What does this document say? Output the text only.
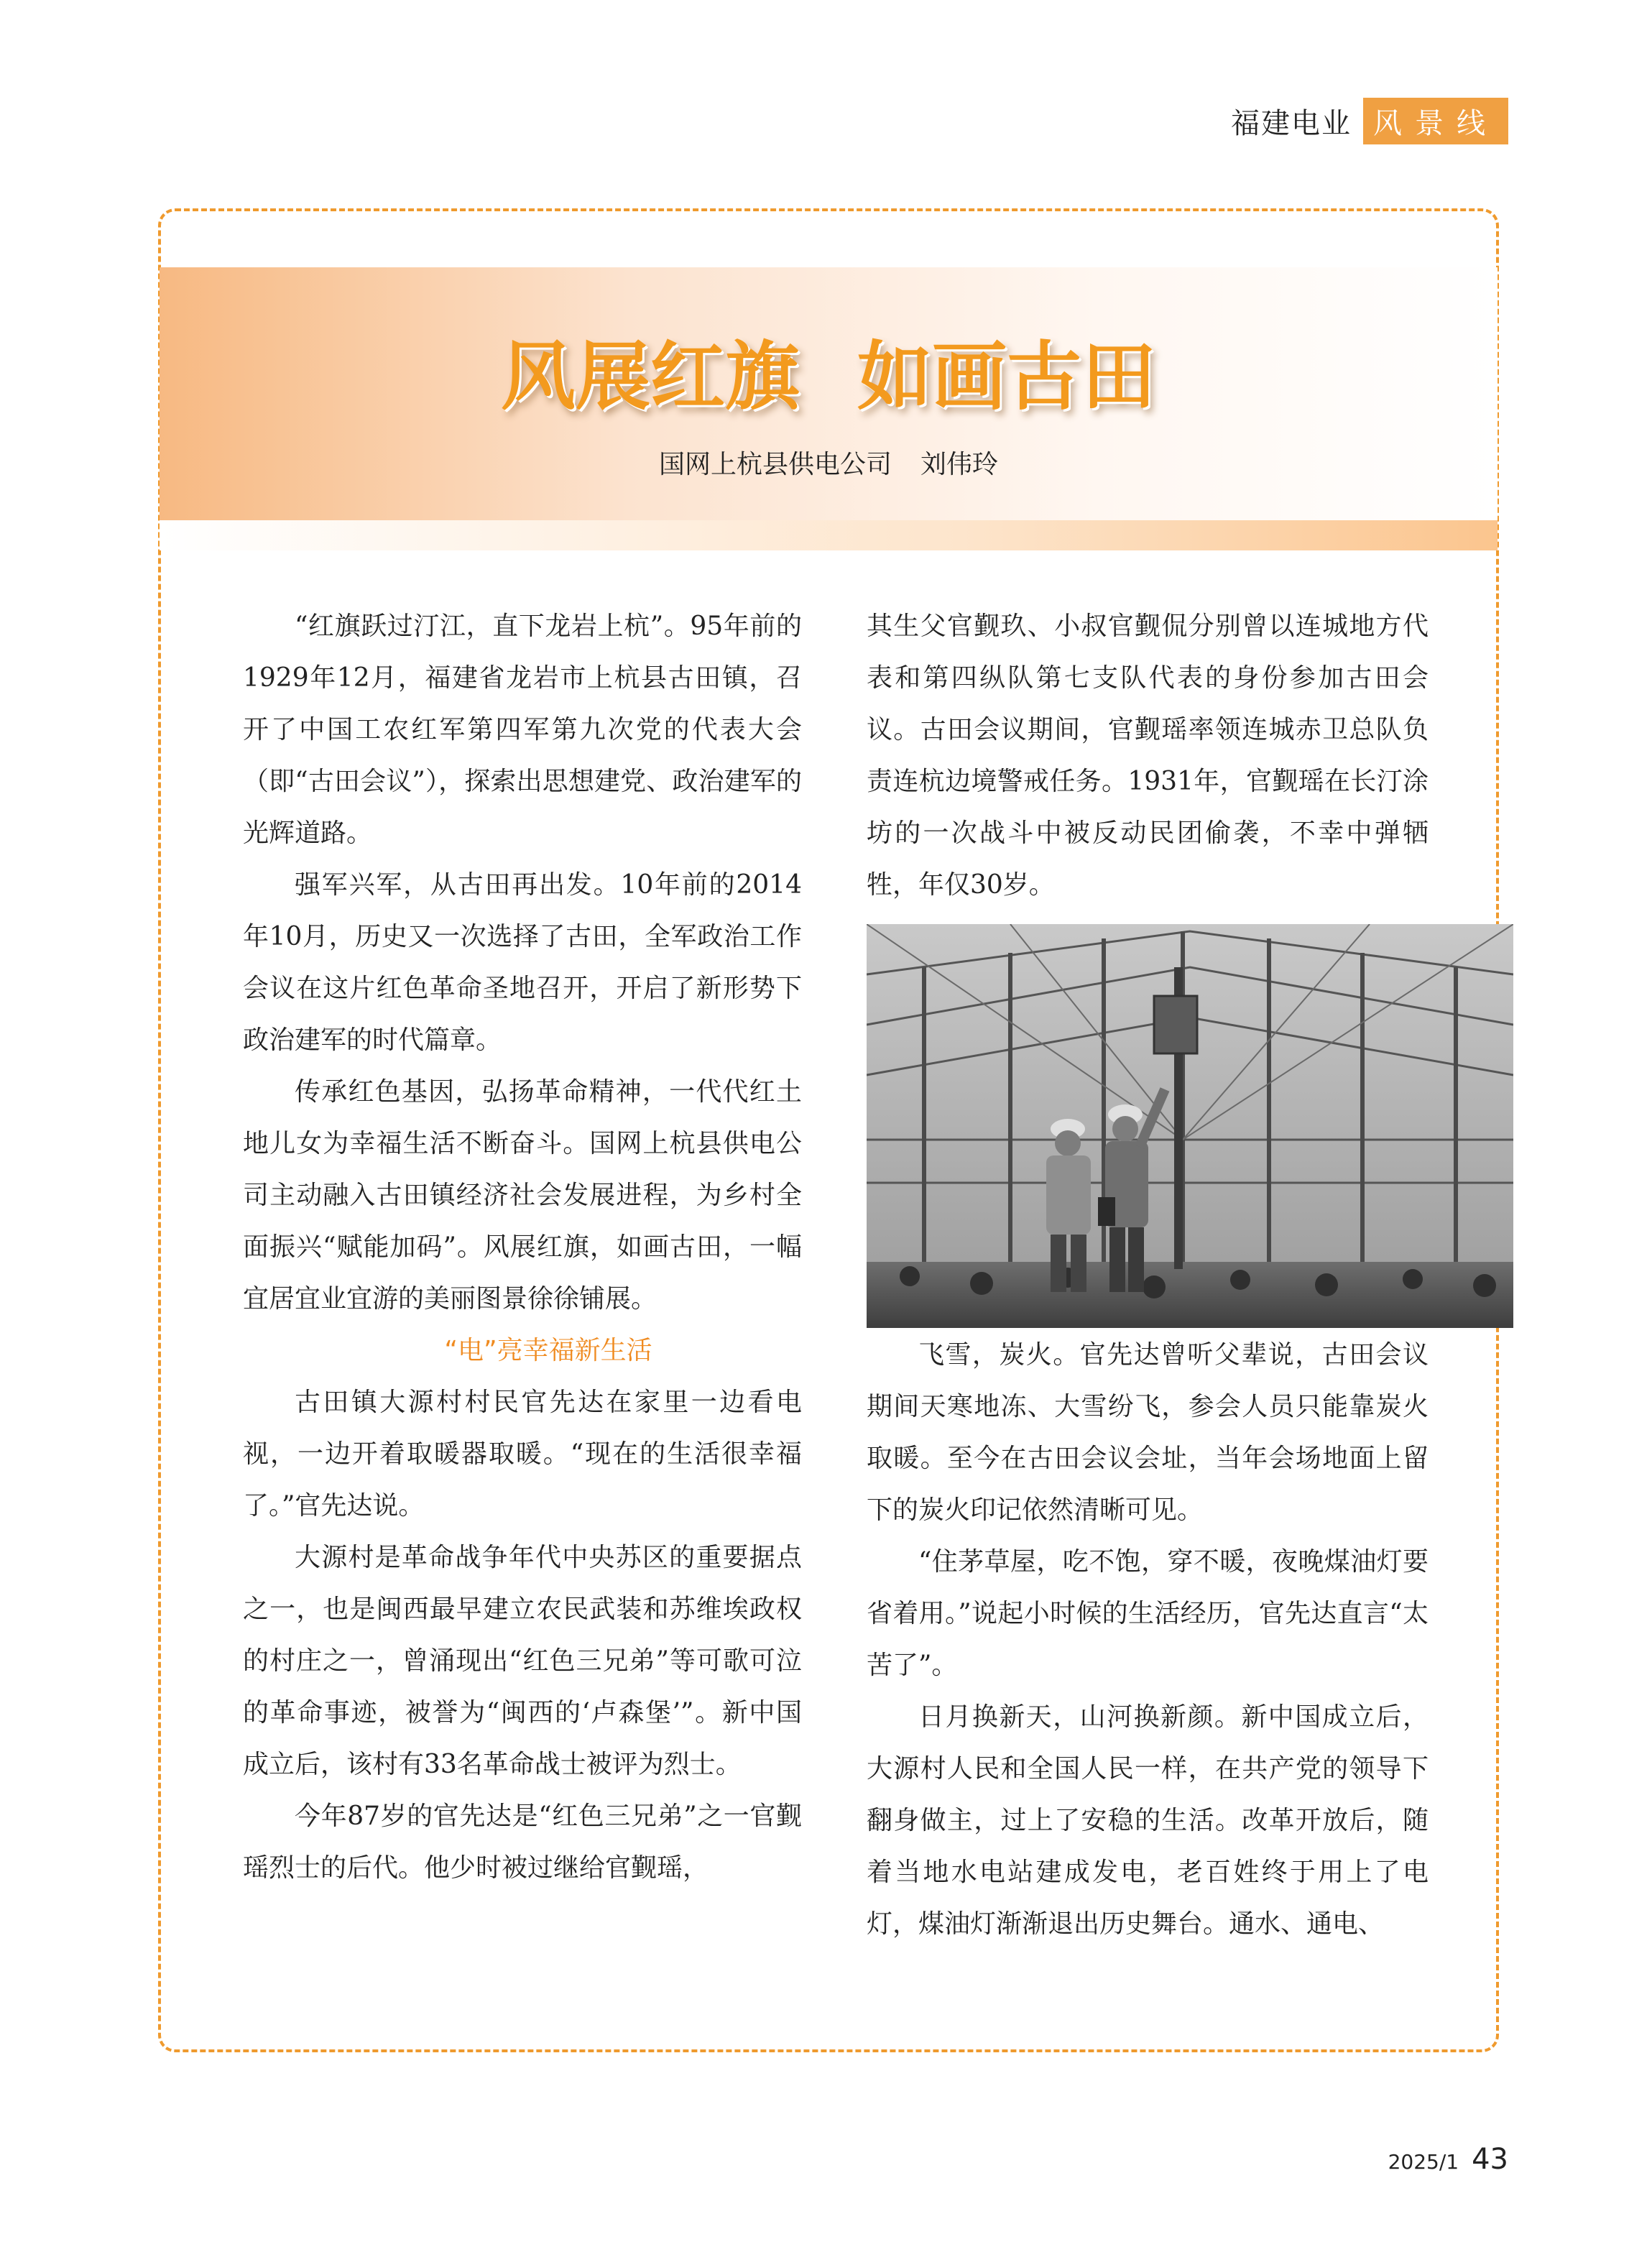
福建电业 风景线
风展红旗 如画古田
国网上杭县供电公司 刘伟玲

“红旗跃过汀江，直下龙岩上杭”。95年前的1929年12月，福建省龙岩市上杭县古田镇，召开了中国工农红军第四军第九次党的代表大会（即“古田会议”），探索出思想建党、政治建军的光辉道路。

强军兴军，从古田再出发。10年前的2014年10月，历史又一次选择了古田，全军政治工作会议在这片红色革命圣地召开，开启了新形势下政治建军的时代篇章。

传承红色基因，弘扬革命精神，一代代红土地儿女为幸福生活不断奋斗。国网上杭县供电公司主动融入古田镇经济社会发展进程，为乡村全面振兴“赋能加码”。风展红旗，如画古田，一幅宜居宜业宜游的美丽图景徐徐铺展。

“电”亮幸福新生活

古田镇大源村村民官先达在家里一边看电视，一边开着取暖器取暖。“现在的生活很幸福了。”官先达说。

大源村是革命战争年代中央苏区的重要据点之一，也是闽西最早建立农民武装和苏维埃政权的村庄之一，曾涌现出“红色三兄弟”等可歌可泣的革命事迹，被誉为“闽西的‘卢森堡’”。新中国成立后，该村有33名革命战士被评为烈士。

今年87岁的官先达是“红色三兄弟”之一官觐瑶烈士的后代。他少时被过继给官觐瑶，

其生父官觐玖、小叔官觐侃分别曾以连城地方代表和第四纵队第七支队代表的身份参加古田会议。古田会议期间，官觐瑶率领连城赤卫总队负责连杭边境警戒任务。1931年，官觐瑶在长汀涂坊的一次战斗中被反动民团偷袭，不幸中弹牺牲，年仅30岁。

飞雪，炭火。官先达曾听父辈说，古田会议期间天寒地冻、大雪纷飞，参会人员只能靠炭火取暖。至今在古田会议会址，当年会场地面上留下的炭火印记依然清晰可见。

“住茅草屋，吃不饱，穿不暖，夜晚煤油灯要省着用。”说起小时候的生活经历，官先达直言“太苦了”。

日月换新天，山河换新颜。新中国成立后，大源村人民和全国人民一样，在共产党的领导下翻身做主，过上了安稳的生活。改革开放后，随着当地水电站建成发电，老百姓终于用上了电灯，煤油灯渐渐退出历史舞台。通水、通电、

2025/1 43
